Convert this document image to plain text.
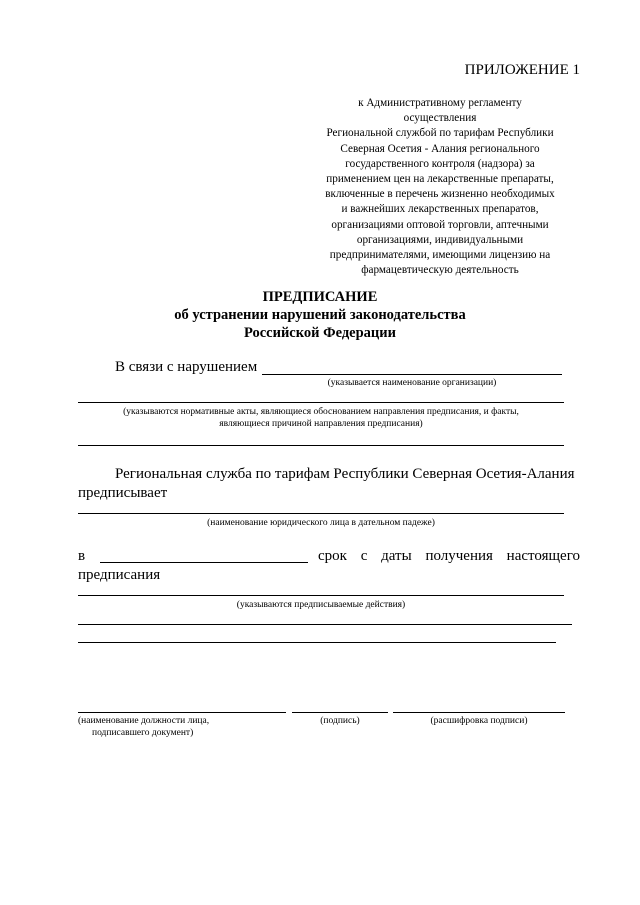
ПРИЛОЖЕНИЕ 1
к Административному регламенту
осуществления
Региональной службой по тарифам Республики
Северная Осетия - Алания регионального
государственного контроля (надзора) за
применением цен на лекарственные препараты,
включенные в перечень жизненно необходимых
и важнейших лекарственных препаратов,
организациями оптовой торговли, аптечными
организациями, индивидуальными
предпринимателями, имеющими лицензию на
фармацевтическую деятельность
ПРЕДПИСАНИЕ
об устранении нарушений законодательства
Российской Федерации
В связи с нарушением
(указывается наименование организации)
(указываются нормативные акты, являющиеся обоснованием направления предписания, и факты,
являющиеся причиной направления предписания)
Региональная служба по тарифам Республики Северная Осетия-Алания
предписывает
(наименование юридического лица в дательном падеже)
в	срок с даты получения настоящего
предписания
(указываются предписываемые действия)
(наименование должности лица,
подписавшего документ)
(подпись)	(расшифровка подписи)
